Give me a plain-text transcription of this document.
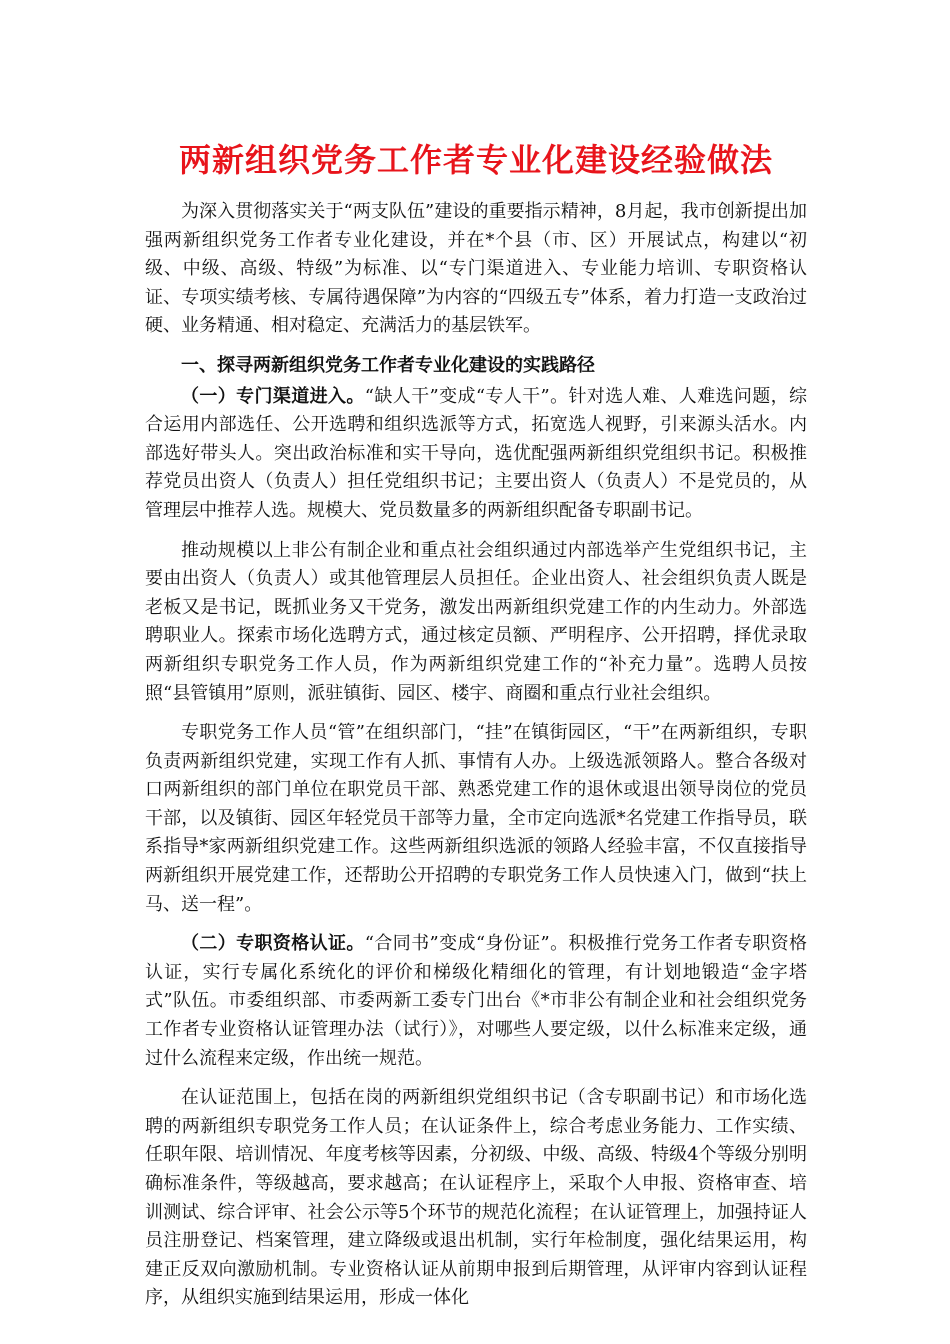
两新组织党务工作者专业化建设经验做法

为深入贯彻落实关于“两支队伍”建设的重要指示精神，8月起，我市创新提出加强两新组织党务工作者专业化建设，并在*个县（市、区）开展试点，构建以“初级、中级、高级、特级”为标准、以“专门渠道进入、专业能力培训、专职资格认证、专项实绩考核、专属待遇保障”为内容的“四级五专”体系，着力打造一支政治过硬、业务精通、相对稳定、充满活力的基层铁军。

一、探寻两新组织党务工作者专业化建设的实践路径

（一）专门渠道进入。“缺人干”变成“专人干”。针对选人难、人难选问题，综合运用内部选任、公开选聘和组织选派等方式，拓宽选人视野，引来源头活水。内部选好带头人。突出政治标准和实干导向，选优配强两新组织党组织书记。积极推荐党员出资人（负责人）担任党组织书记；主要出资人（负责人）不是党员的，从管理层中推荐人选。规模大、党员数量多的两新组织配备专职副书记。

推动规模以上非公有制企业和重点社会组织通过内部选举产生党组织书记，主要由出资人（负责人）或其他管理层人员担任。企业出资人、社会组织负责人既是老板又是书记，既抓业务又干党务，激发出两新组织党建工作的内生动力。外部选聘职业人。探索市场化选聘方式，通过核定员额、严明程序、公开招聘，择优录取两新组织专职党务工作人员，作为两新组织党建工作的“补充力量”。选聘人员按照“县管镇用”原则，派驻镇街、园区、楼宇、商圈和重点行业社会组织。

专职党务工作人员“管”在组织部门，“挂”在镇街园区，“干”在两新组织，专职负责两新组织党建，实现工作有人抓、事情有人办。上级选派领路人。整合各级对口两新组织的部门单位在职党员干部、熟悉党建工作的退休或退出领导岗位的党员干部，以及镇街、园区年轻党员干部等力量，全市定向选派*名党建工作指导员，联系指导*家两新组织党建工作。这些两新组织选派的领路人经验丰富，不仅直接指导两新组织开展党建工作，还帮助公开招聘的专职党务工作人员快速入门，做到“扶上马、送一程”。

（二）专职资格认证。“合同书”变成“身份证”。积极推行党务工作者专职资格认证，实行专属化系统化的评价和梯级化精细化的管理，有计划地锻造“金字塔式”队伍。市委组织部、市委两新工委专门出台《*市非公有制企业和社会组织党务工作者专业资格认证管理办法（试行）》，对哪些人要定级，以什么标准来定级，通过什么流程来定级，作出统一规范。

在认证范围上，包括在岗的两新组织党组织书记（含专职副书记）和市场化选聘的两新组织专职党务工作人员；在认证条件上，综合考虑业务能力、工作实绩、任职年限、培训情况、年度考核等因素，分初级、中级、高级、特级4个等级分别明确标准条件，等级越高，要求越高；在认证程序上，采取个人申报、资格审查、培训测试、综合评审、社会公示等5个环节的规范化流程；在认证管理上，加强持证人员注册登记、档案管理，建立降级或退出机制，实行年检制度，强化结果运用，构建正反双向激励机制。专业资格认证从前期申报到后期管理，从评审内容到认证程序，从组织实施到结果运用，形成一体化
